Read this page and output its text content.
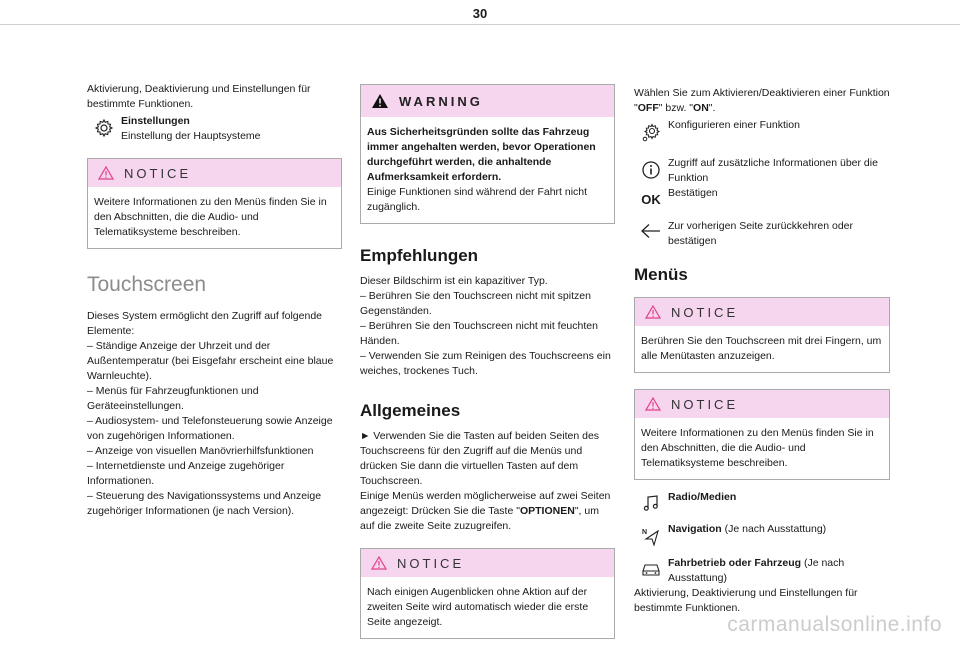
30

Aktivierung, Deaktivierung und Einstellungen für bestimmte Funktionen.

Einstellungen
Einstellung der Hauptsysteme
NOTICE
Weitere Informationen zu den Menüs finden Sie in den Abschnitten, die die Audio- und Telematiksysteme beschreiben.
Touchscreen

Dieses System ermöglicht den Zugriff auf folgende Elemente:

– Ständige Anzeige der Uhrzeit und der Außentemperatur (bei Eisgefahr erscheint eine blaue Warnleuchte).

– Menüs für Fahrzeugfunktionen und Geräteeinstellungen.

– Audiosystem- und Telefonsteuerung sowie Anzeige von zugehörigen Informationen.

– Anzeige von visuellen Manövrierhilfsfunktionen

– Internetdienste und Anzeige zugehöriger Informationen.

– Steuerung des Navigationssystems und Anzeige zugehöriger Informationen (je nach Version).

WARNING
Aus Sicherheitsgründen sollte das Fahrzeug immer angehalten werden, bevor Operationen durchgeführt werden, die anhaltende Aufmerksamkeit erfordern.
Einige Funktionen sind während der Fahrt nicht zugänglich.
Empfehlungen

Dieser Bildschirm ist ein kapazitiver Typ.

– Berühren Sie den Touchscreen nicht mit spitzen Gegenständen.

– Berühren Sie den Touchscreen nicht mit feuchten Händen.

– Verwenden Sie zum Reinigen des Touchscreens ein weiches, trockenes Tuch.

Allgemeines

► Verwenden Sie die Tasten auf beiden Seiten des Touchscreens für den Zugriff auf die Menüs und drücken Sie dann die virtuellen Tasten auf dem Touchscreen.

Einige Menüs werden möglicherweise auf zwei Seiten angezeigt: Drücken Sie die Taste "OPTIONEN", um auf die zweite Seite zuzugreifen.

NOTICE
Nach einigen Augenblicken ohne Aktion auf der zweiten Seite wird automatisch wieder die erste Seite angezeigt.

Wählen Sie zum Aktivieren/Deaktivieren einer Funktion "OFF" bzw. "ON".

Konfigurieren einer Funktion
Zugriff auf zusätzliche Informationen über die Funktion
OK Bestätigen
Zur vorherigen Seite zurückkehren oder bestätigen
Menüs
NOTICE
Berühren Sie den Touchscreen mit drei Fingern, um alle Menütasten anzuzeigen.
NOTICE
Weitere Informationen zu den Menüs finden Sie in den Abschnitten, die die Audio- und Telematiksysteme beschreiben.
Radio/Medien
N Navigation (Je nach Ausstattung)
Fahrbetrieb oder Fahrzeug (Je nach Ausstattung)

Aktivierung, Deaktivierung und Einstellungen für bestimmte Funktionen.

carmanualsonline.info
